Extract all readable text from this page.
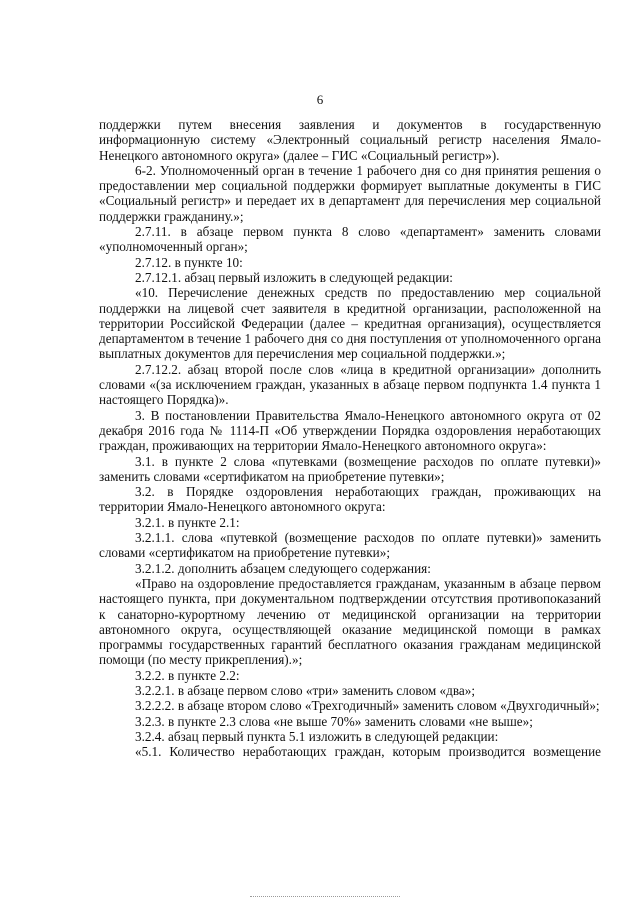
6

поддержки путем внесения заявления и документов в государственную информационную систему «Электронный социальный регистр населения Ямало-Ненецкого автономного округа» (далее – ГИС «Социальный регистр»).

6-2. Уполномоченный орган в течение 1 рабочего дня со дня принятия решения о предоставлении мер социальной поддержки формирует выплатные документы в ГИС «Социальный регистр» и передает их в департамент для перечисления мер социальной поддержки гражданину.»;

2.7.11. в абзаце первом пункта 8 слово «департамент» заменить словами «уполномоченный орган»;

2.7.12. в пункте 10:

2.7.12.1. абзац первый изложить в следующей редакции:

«10. Перечисление денежных средств по предоставлению мер социальной поддержки на лицевой счет заявителя в кредитной организации, расположенной на территории Российской Федерации (далее – кредитная организация), осуществляется департаментом в течение 1 рабочего дня со дня поступления от уполномоченного органа выплатных документов для перечисления мер социальной поддержки.»;

2.7.12.2. абзац второй после слов «лица в кредитной организации» дополнить словами «(за исключением граждан, указанных в абзаце первом подпункта 1.4 пункта 1 настоящего Порядка)».

3. В постановлении Правительства Ямало-Ненецкого автономного округа от 02 декабря 2016 года № 1114-П «Об утверждении Порядка оздоровления неработающих граждан, проживающих на территории Ямало-Ненецкого автономного округа»:

3.1. в пункте 2 слова «путевками (возмещение расходов по оплате путевки)» заменить словами «сертификатом на приобретение путевки»;

3.2. в Порядке оздоровления неработающих граждан, проживающих на территории Ямало-Ненецкого автономного округа:

3.2.1. в пункте 2.1:

3.2.1.1. слова «путевкой (возмещение расходов по оплате путевки)» заменить словами «сертификатом на приобретение путевки»;

3.2.1.2. дополнить абзацем следующего содержания:

«Право на оздоровление предоставляется гражданам, указанным в абзаце первом настоящего пункта, при документальном подтверждении отсутствия противопоказаний к санаторно-курортному лечению от медицинской организации на территории автономного округа, осуществляющей оказание медицинской помощи в рамках программы государственных гарантий бесплатного оказания гражданам медицинской помощи (по месту прикрепления).»;

3.2.2. в пункте 2.2:

3.2.2.1. в абзаце первом слово «три» заменить словом «два»;

3.2.2.2. в абзаце втором слово «Трехгодичный» заменить словом «Двухгодичный»;

3.2.3. в пункте 2.3 слова «не выше 70%» заменить словами «не выше»;

3.2.4. абзац первый пункта 5.1 изложить в следующей редакции:

«5.1. Количество неработающих граждан, которым производится возмещение
